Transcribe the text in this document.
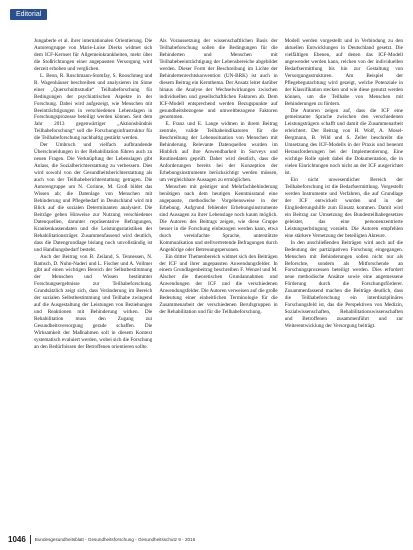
Editorial

Jungaberle et al. ihrer internationalen Orientierung. Die Autorengruppe von Marie-Luise Dierks widmet sich dem ICF-Kernset für Allgemeinkrankheiten, mehr über die Stoßrichtungen einer angepassten Versorgung wird derzeit erhoben und verglichen.

L. Beun, R. Ruschmann-Stomfay, S. Rooschmeg und R. Wagenhäuser beschreiben und analysieren im Sinne einer „Querschnittsstudie“ Teilhabeforschung für Bedingungen der psychiatrischen Aspekte in der Forschung. Dabei wird aufgezeigt, wie Menschen mit Beeinträchtigungen in verschiedenen Lebenslagen in Forschungsprozesse beteiligt werden können. Seit dem Jahr 2013 gegenwärtiger „Aktionsbündnis Teilhabeforschung“ soll die Forschungsinfrastruktur für die Teilhabeforschung nachhaltig gestärkt werden.

Der Umbruch und vielfach aufbrandende Überschneidungen in der Rehabilitation führen auch zu neuen Fragen. Die Verknüpfung der Lebenslagen gibt Anlass, die Sozialberichterstattung zu verbessern. Dies wird sowohl von der Gesundheitsberichterstattung als auch von der Teilhabeberichterstattung getragen. Die Autorengruppe um N. Corinne, M. Groß bildet das Wissen ab; die Datenlage von Menschen mit Behinderung und Pflegebedarf in Deutschland wird mit Blick auf die sozialen Determinanten analysiert. Die Beiträge geben Hinweise zur Nutzung verschiedener Datenquellen, darunter repräsentative Befragungen, Krankenkassendaten und die Leistungsstatistiken der Rehabilitationsträger. Zusammenfassend wird deutlich, dass die Datengrundlage bislang noch unvollständig ist und Handlungsbedarf besteht.

Auch der Beitrag von B. Zeiland, S. Tennessen, N. Ramsch, D. Nuhn-Naderi und L. Fischer und A. Vollmer gibt auf einen wichtigen Bereich der Selbstbestimmung der Menschen und Wissen bestimmter Forschungsergebnisse zur Teilhabeforschung. Grundsätzlich zeigt sich, dass Veränderung im Bereich der sozialen Selbstbestimmung und Teilhabe zwingend auf die Ausgestaltung der Leistungen von Beziehungen und Reaktionen mit Behinderung wirken. Die Rehabilitation muss den Zugang zur Gesundheitsversorgung gerade schaffen. Die Wirksamkeit der Maßnahmen soll in diesem Kontext systematisch evaluiert werden, wobei sich die Forschung an den Bedürfnissen der Betroffenen orientieren sollte.

Als Voraussetzung der wissenschaftlichen Basis der Teilhabeforschung sollen die Bedingungen für die Behinderten und Menschen mit Teilhabebeeinträchtigung der Lebensbereiche abgebildet werden. Dieser Form der Beschreibung im Lichte der Behindertenrechtskonvention (UN-BRK) ist auch in diesem Beitrag ein Kernthema. Der Ansatz leitet darüber hinaus die Analyse der Wechselwirkungen zwischen individuellen und gesellschaftlichen Faktoren ab. Dem ICF-Modell entsprechend werden Bezugspunkte auf gesundheitsbezogene und umweltbezogene Faktoren genommen.

E. Franz und E. Lange widmen in ihrem Beitrag zentrale, valide Teilhabeindikatoren für die Beschreibung der Lebenssituation von Menschen mit Behinderung. Relevante Datenquellen wurden im Hinblick auf ihre Anwendbarkeit in Surveys und Routinedaten geprüft. Daher wird deutlich, dass die Anforderungen bereits bei der Konzeption der Erhebungsinstrumente berücksichtigt werden müssen, um vergleichbare Aussagen zu ermöglichen.

Menschen mit geistiger und Mehrfachbehinderung benötigen nach dem heutigen Kenntnisstand eine angepasste, methodische Vorgehensweise in der Erhebung. Aufgrund fehlender Erhebungsinstrumente sind Aussagen zu ihrer Lebenslage noch kaum möglich. Die Autoren des Beitrags zeigen, wie diese Gruppe besser in die Forschung einbezogen werden kann, etwa durch vereinfachte Sprache, unterstützte Kommunikation und stellvertretende Befragungen durch Angehörige oder Betreuungspersonen.

Ein dritter Themenbereich widmet sich den Beiträgen der ICF und ihrer angepassten Anwendungsfelder. In einem Grundlagenbeitrag beschreiben F. Wenzel und M. Alscher die theoretischen Grundannahmen und Anwendungen der ICF und die verschiedenen Anwendungsfelder. Die Autoren verweisen auf die große Bedeutung einer einheitlichen Terminologie für die Zusammenarbeit der verschiedenen Berufsgruppen in der Rehabilitation und für die Teilhabeforschung.

Modell werden vorgestellt und in Verbindung zu den aktuellen Entwicklungen in Deutschland gesetzt. Die vielfältigen Ebenen, auf denen das ICF-Modell angewendet werden kann, reichen von der individuellen Bedarfsermittlung bis hin zur Gestaltung von Versorgungsstrukturen. Am Beispiel der Pflegebegutachtung wird gezeigt, welche Potenziale in der Klassifikation stecken und wie diese genutzt werden können, um die Teilhabe von Menschen mit Behinderungen zu fördern.

Die Autoren zeigen auf, dass die ICF eine gemeinsame Sprache zwischen den verschiedenen Leistungsträgern schafft und damit die Zusammenarbeit erleichtert. Der Beitrag von H. Wolf, A. Mosel-Bergmann, B. Wild und S. Zeller beschreibt die Umsetzung des ICF-Modells in der Praxis und benennt Herausforderungen bei der Implementierung. Eine wichtige Rolle spielt dabei die Dokumentation, die in vielen Einrichtungen noch nicht an der ICF ausgerichtet ist.

Ein nicht unwesentlicher Bereich der Teilhabeforschung ist die Bedarfsermittlung. Vorgestellt werden Instrumente und Verfahren, die auf Grundlage der ICF entwickelt wurden und in der Eingliederungshilfe zum Einsatz kommen. Damit wird ein Beitrag zur Umsetzung des Bundesteilhabegesetzes geleistet, das eine personenzentrierte Leistungserbringung vorsieht. Die Autoren empfehlen eine stärkere Vernetzung der beteiligten Akteure.

In den anschließenden Beiträgen wird auch auf die Bedeutung der partizipativen Forschung eingegangen. Menschen mit Behinderungen sollen nicht nur als Beforschte, sondern als Mitforschende an Forschungsprozessen beteiligt werden. Dies erfordert neue methodische Ansätze sowie eine angemessene Förderung durch die Forschungsförderer. Zusammenfassend machen die Beiträge deutlich, dass die Teilhabeforschung ein interdisziplinäres Forschungsfeld ist, das die Perspektiven von Medizin, Sozialwissenschaften, Rehabilitationswissenschaften und Betroffenen zusammenführt und zur Weiterentwicklung der Versorgung beiträgt.

1046 Bundesgesundheitsblatt - Gesundheitsforschung - Gesundheitsschutz 9 · 2016
